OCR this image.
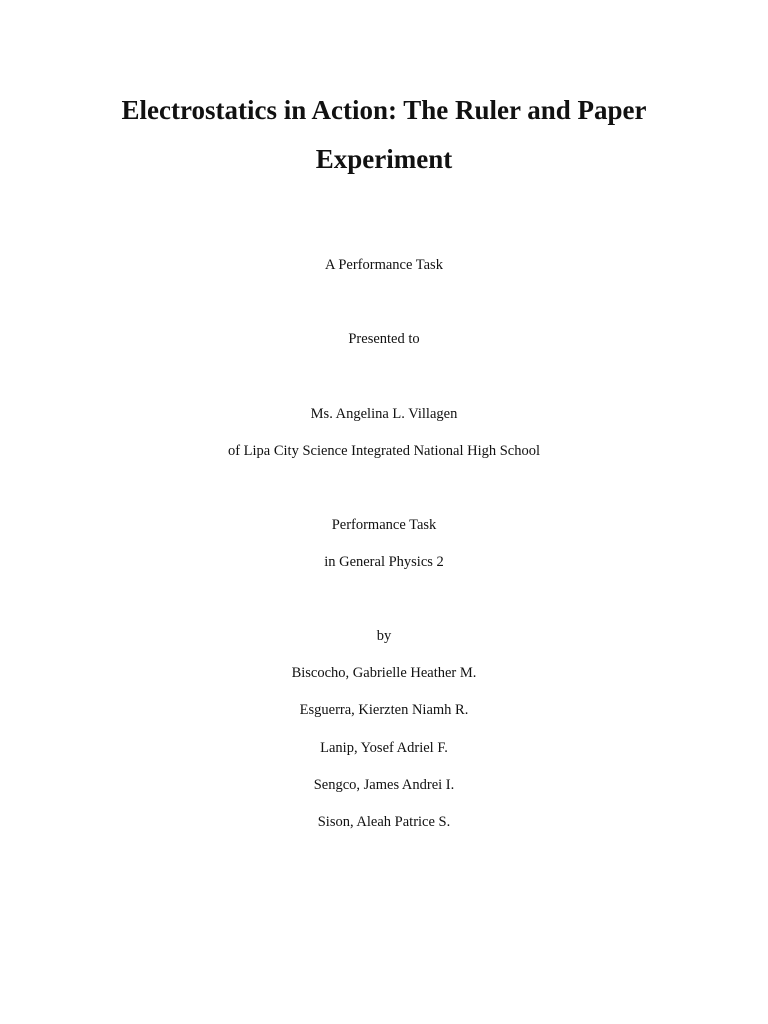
Electrostatics in Action: The Ruler and Paper Experiment
A Performance Task
Presented to
Ms. Angelina L. Villagen
of Lipa City Science Integrated National High School
Performance Task
in General Physics 2
by
Biscocho, Gabrielle Heather M.
Esguerra, Kierzten Niamh R.
Lanip, Yosef Adriel F.
Sengco, James Andrei I.
Sison, Aleah Patrice S.
